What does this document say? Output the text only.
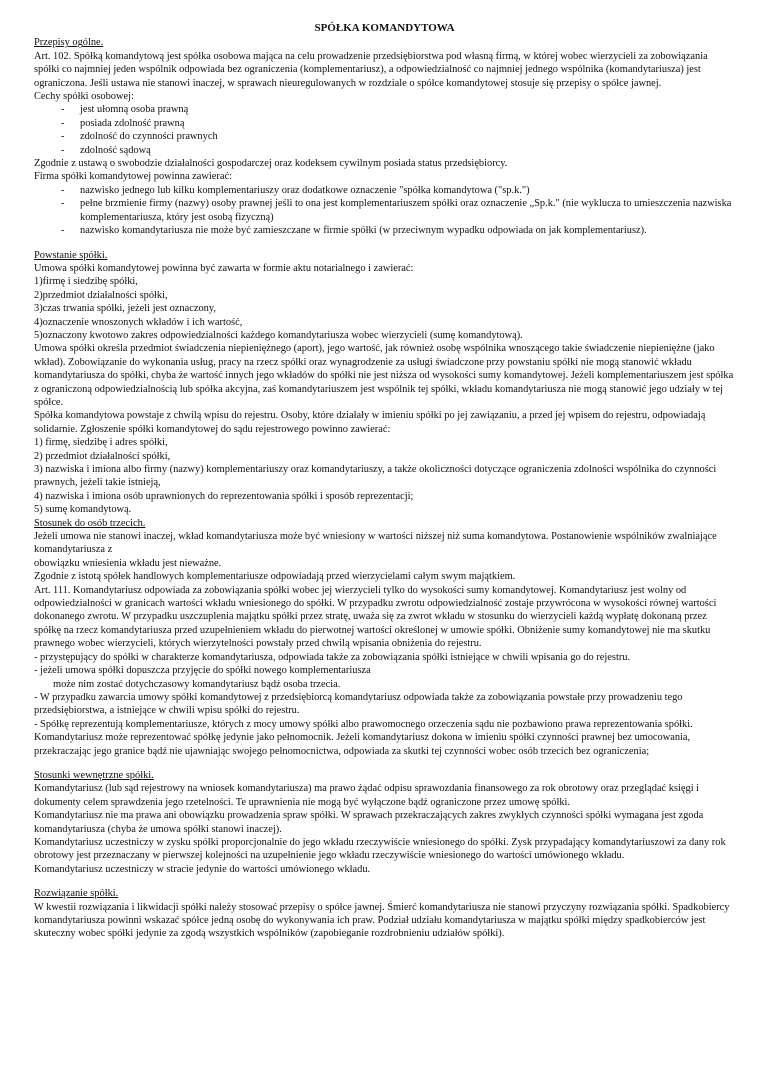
SPÓŁKA KOMANDYTOWA
Przepisy ogólne.

Art. 102. Spółką komandytową jest spółka osobowa mająca na celu prowadzenie przedsiębiorstwa pod własną firmą, w której wobec wierzycieli za zobowiązania spółki co najmniej jeden wspólnik odpowiada bez ograniczenia (komplementariusz), a odpowiedzialność co najmniej jednego wspólnika (komandytariusza) jest ograniczona. Jeśli ustawa nie stanowi inaczej, w sprawach nieuregulowanych w rozdziale o spółce komandytowej stosuje się przepisy o spółce jawnej.

Cechy spółki osobowej:

- jest ułomną osoba prawną
- posiada zdolność prawną
- zdolność do czynności prawnych
- zdolność sądową

Zgodnie z ustawą o swobodzie działalności gospodarczej oraz kodeksem cywilnym posiada status przedsiębiorcy.

Firma spółki komandytowej powinna zawierać:

- nazwisko jednego lub kilku komplementariuszy oraz dodatkowe oznaczenie "spółka komandytowa ("sp.k.")
- pełne brzmienie firmy (nazwy) osoby prawnej jeśli to ona jest komplementariuszem spółki oraz oznaczenie „Sp.k." (nie wyklucza to umieszczenia nazwiska komplementariusza, który jest osobą fizyczną)
- nazwisko komandytariusza nie może być zamieszczane w firmie spółki (w przeciwnym wypadku odpowiada on jak komplementariusz).
Powstanie spółki.

Umowa spółki komandytowej powinna być zawarta w formie aktu notarialnego i zawierać:

1)firmę i siedzibę spółki,

2)przedmiot działalności spółki,

3)czas trwania spółki, jeżeli jest oznaczony,

4)oznaczenie wnoszonych wkładów i ich wartość,

5)oznaczony kwotowo zakres odpowiedzialności każdego komandytariusza wobec wierzycieli (sumę komandytową).

Umowa spółki określa przedmiot świadczenia niepieniężnego (aport), jego wartość, jak również osobę wspólnika wnoszącego takie świadczenie niepieniężne (jako wkład). Zobowiązanie do wykonania usług, pracy na rzecz spółki oraz wynagrodzenie za usługi świadczone przy powstaniu spółki nie mogą stanowić wkładu komandytariusza do spółki, chyba że wartość innych jego wkładów do spółki nie jest niższa od wysokości sumy komandytowej. Jeżeli komplementariuszem jest spółka z ograniczoną odpowiedzialnością lub spółka akcyjna, zaś komandytariuszem jest wspólnik tej spółki, wkładu komandytariusza nie mogą stanowić jego udziały w tej spółce.

Spółka komandytowa powstaje z chwilą wpisu do rejestru. Osoby, które działały w imieniu spółki po jej zawiązaniu, a przed jej wpisem do rejestru, odpowiadają solidarnie. Zgłoszenie spółki komandytowej do sądu rejestrowego powinno zawierać:

1) firmę, siedzibę i adres spółki,

2) przedmiot działalności spółki,

3) nazwiska i imiona albo firmy (nazwy) komplementariuszy oraz komandytariuszy, a także okoliczności dotyczące ograniczenia zdolności wspólnika do czynności prawnych, jeżeli takie istnieją,

4) nazwiska i imiona osób uprawnionych do reprezentowania spółki i sposób reprezentacji;

5) sumę komandytową.

Stosunek do osób trzecich.

Jeżeli umowa nie stanowi inaczej, wkład komandytariusza może być wniesiony w wartości niższej niż suma komandytowa. Postanowienie wspólników zwalniające komandytariusza z

obowiązku wniesienia wkładu jest nieważne.

Zgodnie z istotą spółek handlowych komplementariusze odpowiadają przed wierzycielami całym swym majątkiem.

Art. 111. Komandytariusz odpowiada za zobowiązania spółki wobec jej wierzycieli tylko do wysokości sumy komandytowej. Komandytariusz jest wolny od odpowiedzialności w granicach wartości wkładu wniesionego do spółki. W przypadku zwrotu odpowiedzialność zostaje przywrócona w wysokości równej wartości dokonanego zwrotu. W przypadku uszczuplenia majątku spółki przez stratę, uważa się za zwrot wkładu w stosunku do wierzycieli każdą wypłatę dokonaną przez spółkę na rzecz komandytariusza przed uzupełnieniem wkładu do pierwotnej wartości określonej w umowie spółki. Obniżenie sumy komandytowej nie ma skutku prawnego wobec wierzycieli, których wierzytelności powstały przed chwilą wpisania obniżenia do rejestru.

- przystępujący do spółki w charakterze komandytariusza, odpowiada także za zobowiązania spółki istniejące w chwili wpisania go do rejestru.

- jeżeli umowa spółki dopuszcza przyjęcie do spółki nowego komplementariusza

może nim zostać dotychczasowy komandytariusz bądź osoba trzecia.

- W przypadku zawarcia umowy spółki komandytowej z przedsiębiorcą komandytariusz odpowiada także za zobowiązania powstałe przy prowadzeniu tego przedsiębiorstwa, a istniejące w chwili wpisu spółki do rejestru.

- Spółkę reprezentują komplementariusze, których z mocy umowy spółki albo prawomocnego orzeczenia sądu nie pozbawiono prawa reprezentowania spółki. Komandytariusz może reprezentować spółkę jedynie jako pełnomocnik. Jeżeli komandytariusz dokona w imieniu spółki czynności prawnej bez umocowania, przekraczając jego granice bądź nie ujawniając swojego pełnomocnictwa, odpowiada za skutki tej czynności wobec osób trzecich bez ograniczenia;

Stosunki wewnętrzne spółki.

Komandytariusz (lub sąd rejestrowy na wniosek komandytariusza) ma prawo żądać odpisu sprawozdania finansowego za rok obrotowy oraz przeglądać księgi i dokumenty celem sprawdzenia jego rzetelności. Te uprawnienia nie mogą być wyłączone bądź ograniczone przez umowę spółki.

Komandytariusz nie ma prawa ani obowiązku prowadzenia spraw spółki. W sprawach przekraczających zakres zwykłych czynności spółki wymagana jest zgoda komandytariusza (chyba że umowa spółki stanowi inaczej).

Komandytariusz uczestniczy w zysku spółki proporcjonalnie do jego wkładu rzeczywiście wniesionego do spółki. Zysk przypadający komandytariuszowi za dany rok obrotowy jest przeznaczany w pierwszej kolejności na uzupełnienie jego wkładu rzeczywiście wniesionego do wartości umówionego wkładu.

Komandytariusz uczestniczy w stracie jedynie do wartości umówionego wkładu.

Rozwiązanie spółki.

W kwestii rozwiązania i likwidacji spółki należy stosować przepisy o spółce jawnej. Śmierć komandytariusza nie stanowi przyczyny rozwiązania spółki. Spadkobiercy komandytariusza powinni wskazać spółce jedną osobę do wykonywania ich praw. Podział udziału komandytariusza w majątku spółki między spadkobierców jest skuteczny wobec spółki jedynie za zgodą wszystkich wspólników (zapobieganie rozdrobnieniu udziałów spółki).
